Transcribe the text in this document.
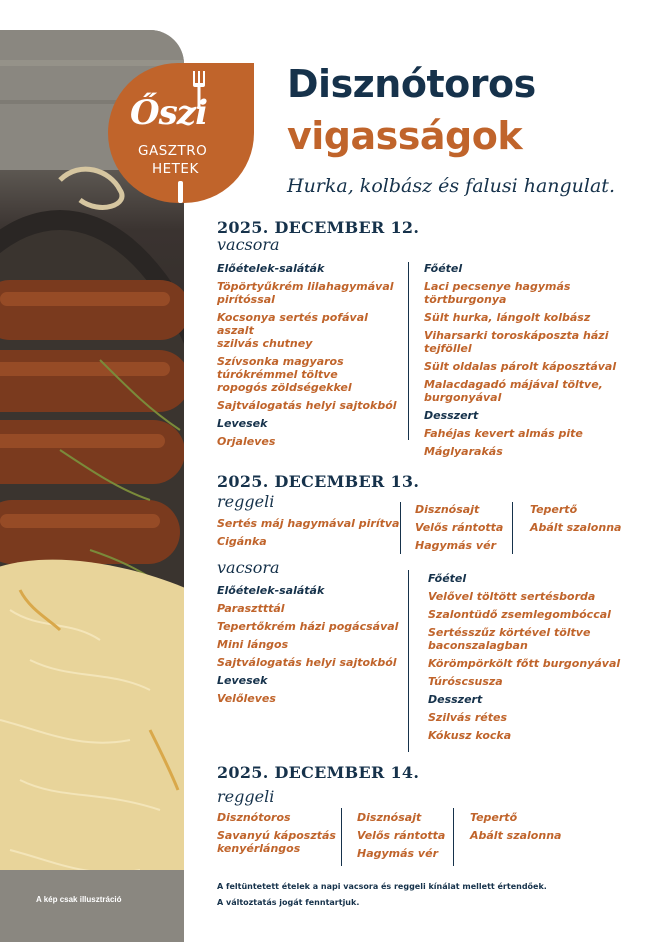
A kép csak illusztráció
Őszi
GASZTRO
HETEK
Disznótoros
vigasságok
Hurka, kolbász és falusi hangulat.
2025. DECEMBER 12.
vacsora
Előételek-saláták
Töpörtyűkrém lilahagymával
pirítóssal
Kocsonya sertés pofával aszalt
szilvás chutney
Szívsonka magyaros
túrókrémmel töltve
ropogós zöldségekkel
Sajtválogatás helyi sajtokból
Levesek
Orjaleves
Főétel
Laci pecsenye hagymás törtburgonya
Sült hurka, lángolt kolbász
Viharsarki toroskáposzta házi tejföllel
Sült oldalas párolt káposztával
Malacdagadó májával töltve,
burgonyával
Desszert
Fahéjas kevert almás pite
Máglyarakás
2025. DECEMBER 13.
reggeli
Sertés máj hagymával pirítva
Cigánka
Disznósajt
Velős rántotta
Hagymás vér
Tepertő
Abált szalonna
vacsora
Előételek-saláták
Parasztttál
Tepertőkrém házi pogácsával
Mini lángos
Sajtválogatás helyi sajtokból
Levesek
Velőleves
Főétel
Velővel töltött sertésborda
Szalontüdő zsemlegombóccal
Sertésszűz körtével töltve
baconszalagban
Körömpörkölt főtt burgonyával
Túróscsusza
Desszert
Szilvás rétes
Kókusz kocka
2025. DECEMBER 14.
reggeli
Disznótoros
Savanyú káposztás
kenyérlángos
Disznósajt
Velős rántotta
Hagymás vér
Tepertő
Abált szalonna
A feltüntetett ételek a napi vacsora és reggeli kínálat mellett értendőek.
A változtatás jogát fenntartjuk.
